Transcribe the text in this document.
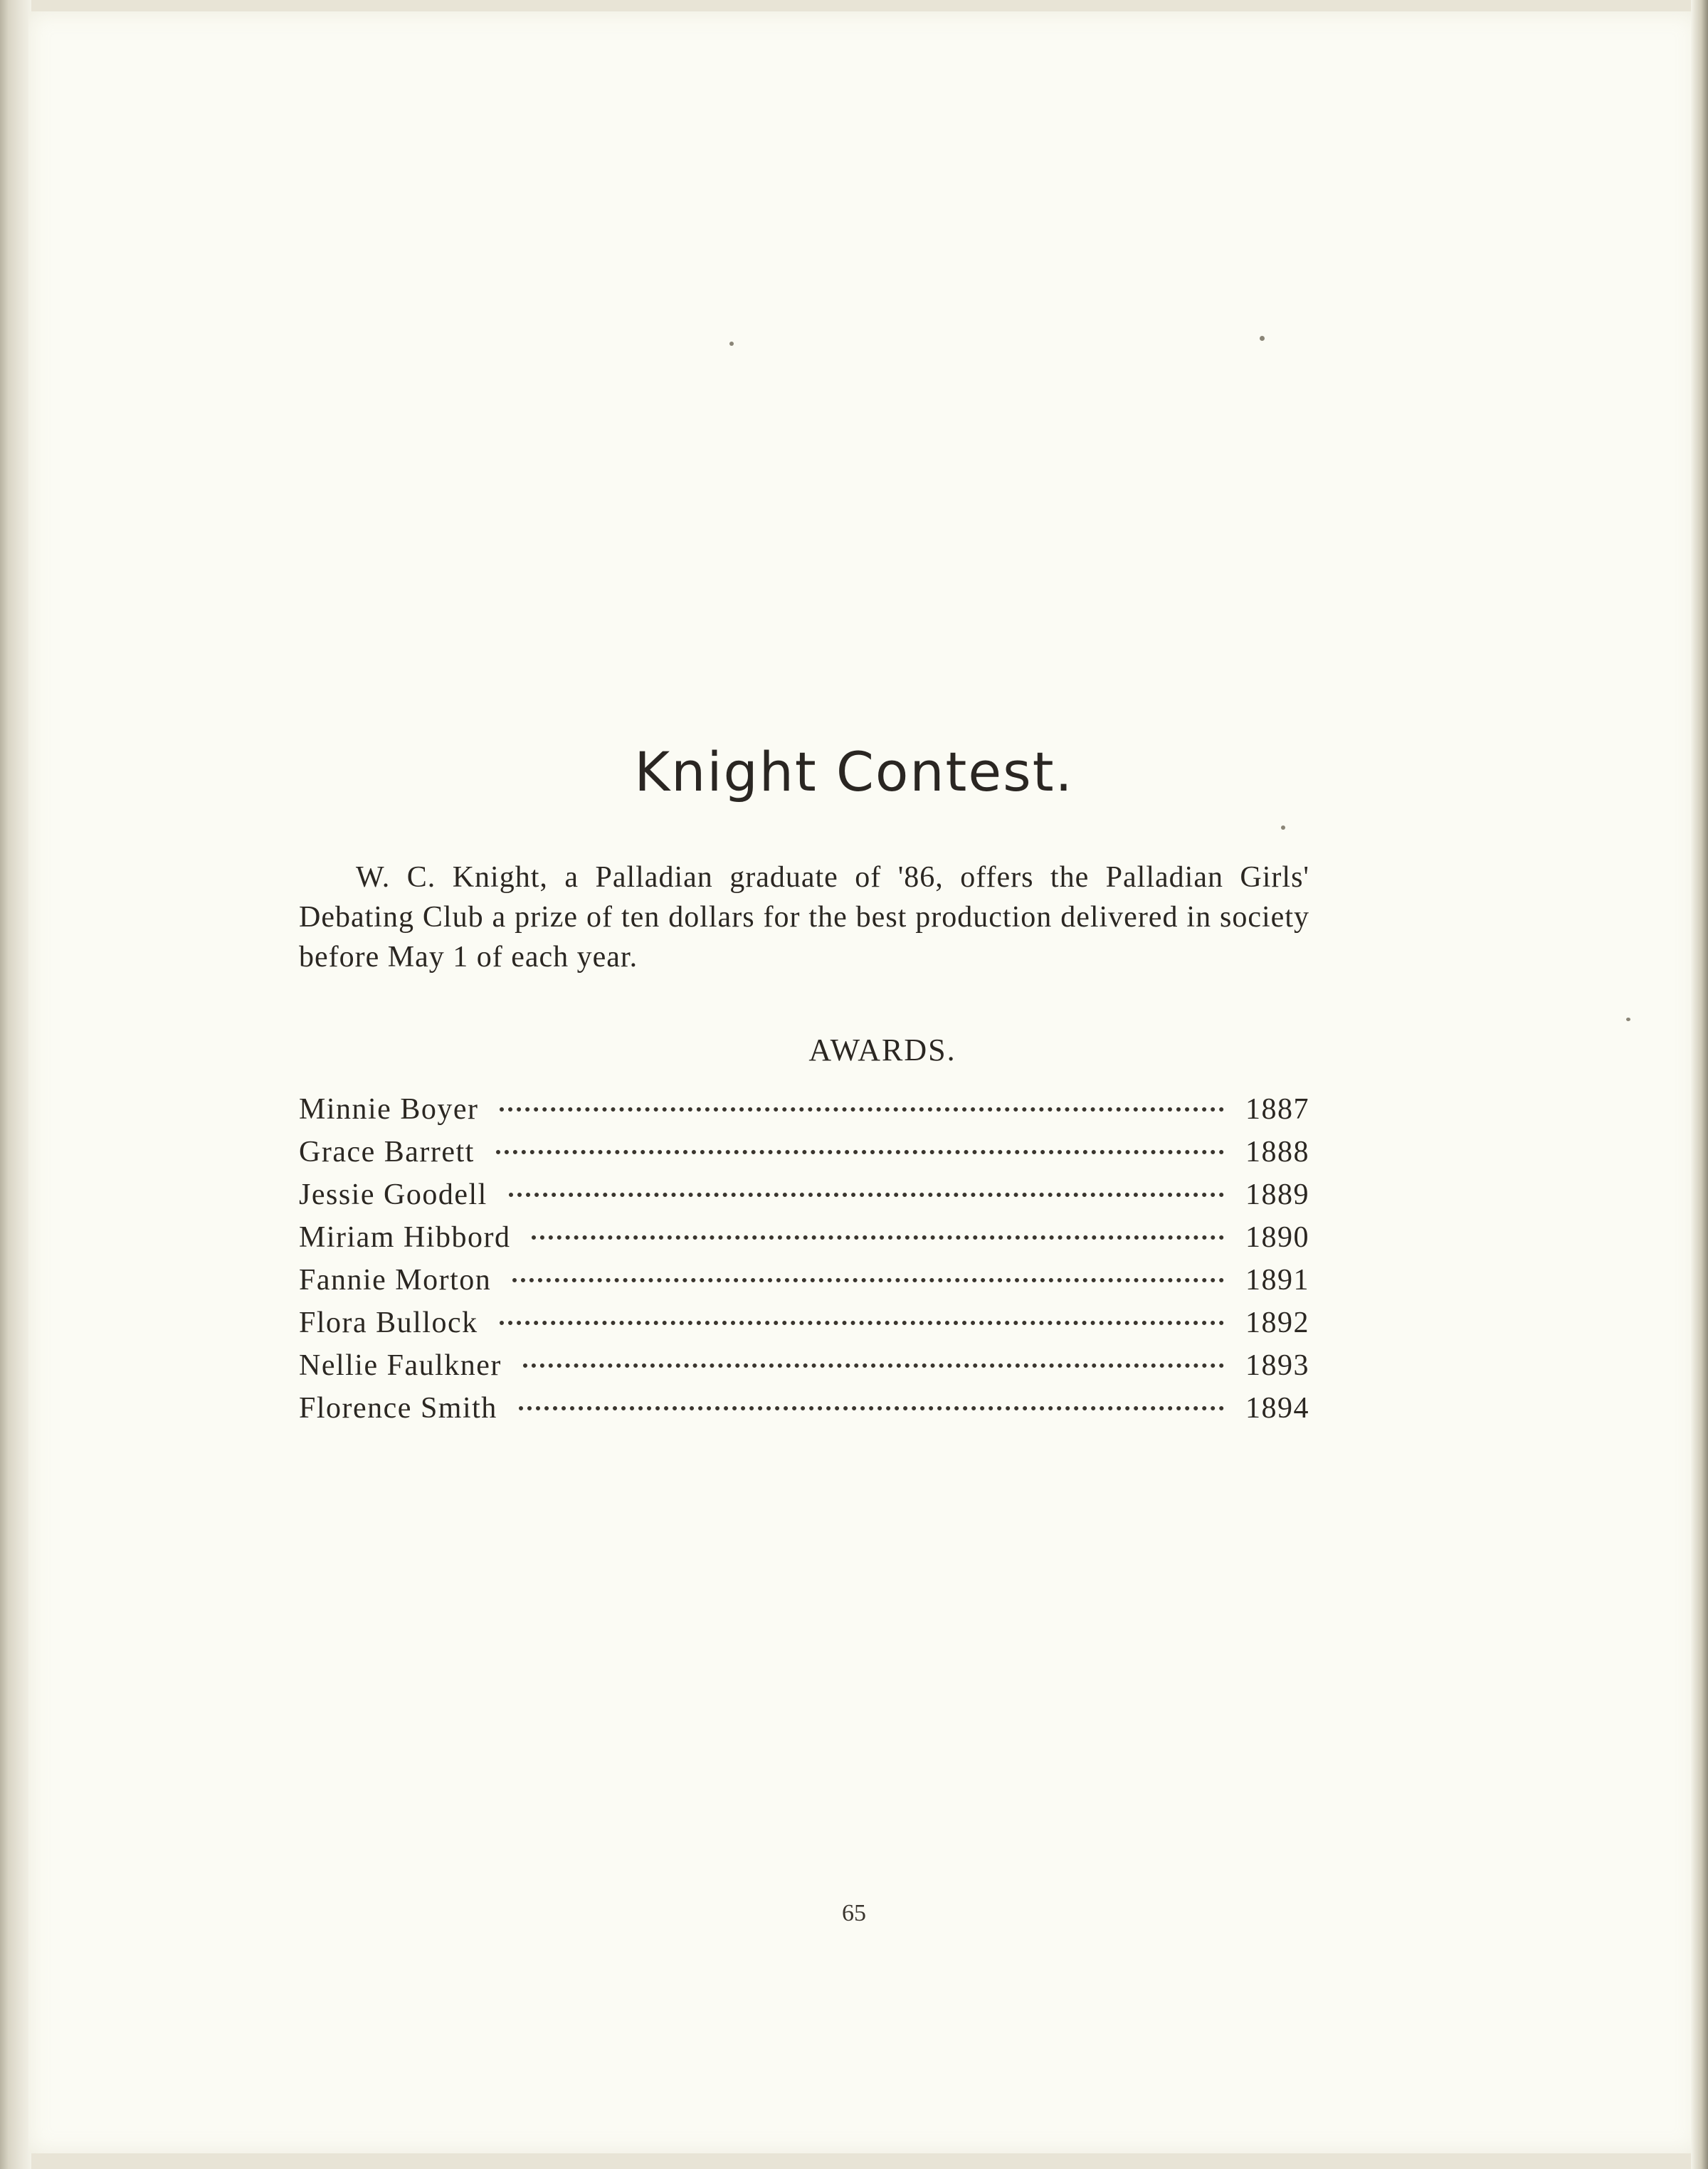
Knight Contest.

W. C. Knight, a Palladian graduate of '86, offers the Palladian Girls' Debating Club a prize of ten dollars for the best production delivered in society before May 1 of each year.

AWARDS.
Minnie Boyer	1887
Grace Barrett	1888
Jessie Goodell	1889
Miriam Hibbord	1890
Fannie Morton	1891
Flora Bullock	1892
Nellie Faulkner	1893
Florence Smith	1894
65
